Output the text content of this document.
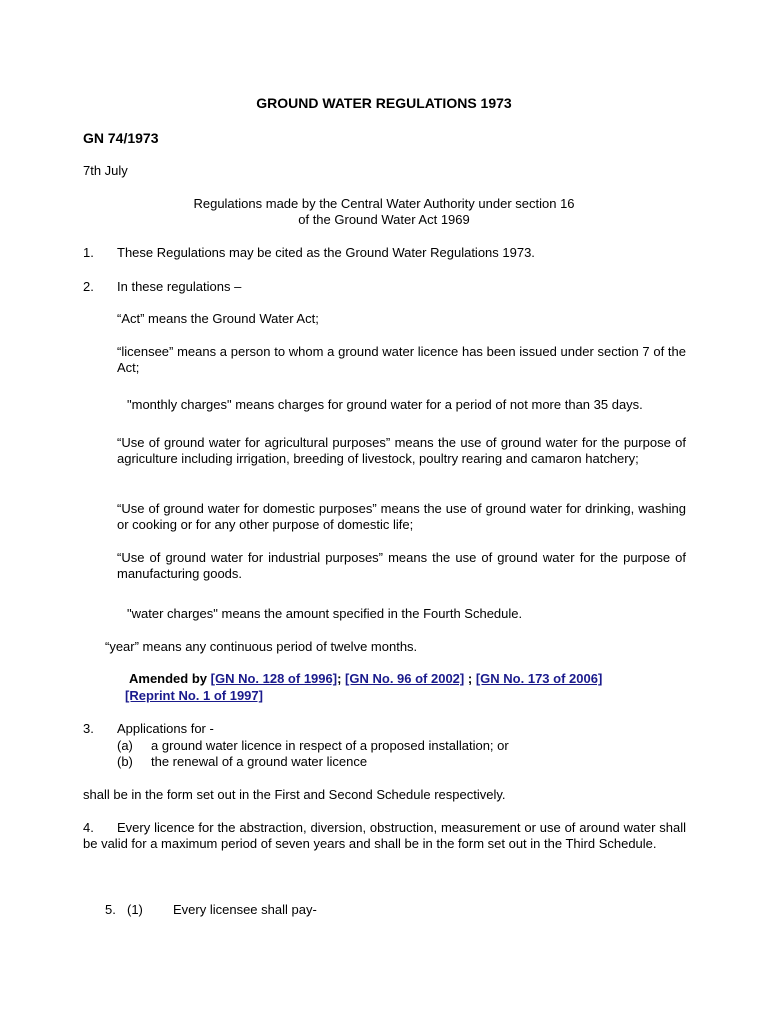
GROUND WATER REGULATIONS 1973
GN 74/1973
7th July
Regulations made by the Central Water Authority under section 16
of the Ground Water Act 1969
1. These Regulations may be cited as the Ground Water Regulations 1973.
2. In these regulations –
“Act” means the Ground Water Act;
“licensee” means a person to whom a ground water licence has been issued under section 7 of the Act;
"monthly charges" means charges for ground water for a period of not more than 35 days.
“Use of ground water for agricultural purposes” means the use of ground water for the purpose of agriculture including irrigation, breeding of livestock, poultry rearing and camaron hatchery;
“Use of ground water for domestic purposes” means the use of ground water for drinking, washing or cooking or for any other purpose of domestic life;
“Use of ground water for industrial purposes” means the use of ground water for the purpose of manufacturing goods.
"water charges" means the amount specified in the Fourth Schedule.
“year” means any continuous period of twelve months.
Amended by [GN No. 128 of 1996]; [GN No. 96 of 2002] ; [GN No. 173 of 2006]
[Reprint No. 1 of 1997]
3. Applications for -
(a) a ground water licence in respect of a proposed installation; or
(b) the renewal of a ground water licence
shall be in the form set out in the First and Second Schedule respectively.
4. Every licence for the abstraction, diversion, obstruction, measurement or use of around water shall be valid for a maximum period of seven years and shall be in the form set out in the Third Schedule.
5. (1) Every licensee shall pay-
